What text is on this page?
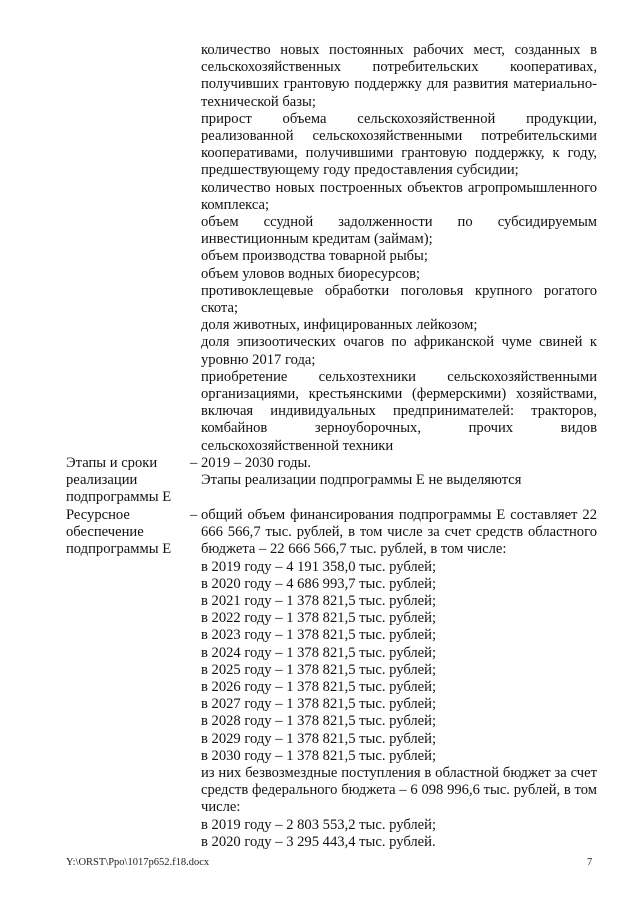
количество новых постоянных рабочих мест, созданных в сельскохозяйственных потребительских кооперативах, получивших грантовую поддержку для развития материально-технической базы;

прирост объема сельскохозяйственной продукции, реализованной сельскохозяйственными потребительскими кооперативами, получившими грантовую поддержку, к году, предшествующему году предоставления субсидии;

количество новых построенных объектов агропромышленного комплекса;

объем ссудной задолженности по субсидируемым инвестиционным кредитам (займам);

объем производства товарной рыбы;

объем уловов водных биоресурсов;

противоклещевые обработки поголовья крупного рогатого скота;

доля животных, инфицированных лейкозом;

доля эпизоотических очагов по африканской чуме свиней к уровню 2017 года;

приобретение сельхозтехники сельскохозяйственными организациями, крестьянскими (фермерскими) хозяйствами, включая индивидуальных предпринимателей: тракторов, комбайнов зерноуборочных, прочих видов сельскохозяйственной техники

Этапы и сроки
реализации
подпрограммы Е
– 2019 – 2030 годы.

Этапы реализации подпрограммы Е не выделяются

Ресурсное
обеспечение
подпрограммы Е
– общий объем финансирования подпрограммы Е составляет 22 666 566,7 тыс. рублей, в том числе за счет средств областного бюджета – 22 666 566,7 тыс. рублей, в том числе:

в 2019 году – 4 191 358,0 тыс. рублей;

в 2020 году – 4 686 993,7 тыс. рублей;

в 2021 году – 1 378 821,5 тыс. рублей;

в 2022 году – 1 378 821,5 тыс. рублей;

в 2023 году – 1 378 821,5 тыс. рублей;

в 2024 году – 1 378 821,5 тыс. рублей;

в 2025 году – 1 378 821,5 тыс. рублей;

в 2026 году – 1 378 821,5 тыс. рублей;

в 2027 году – 1 378 821,5 тыс. рублей;

в 2028 году – 1 378 821,5 тыс. рублей;

в 2029 году – 1 378 821,5 тыс. рублей;

в 2030 году – 1 378 821,5 тыс. рублей;

из них безвозмездные поступления в областной бюджет за счет средств федерального бюджета – 6 098 996,6 тыс. рублей, в том числе:

в 2019 году – 2 803 553,2 тыс. рублей;

в 2020 году – 3 295 443,4 тыс. рублей.

Y:\ORST\Ppo\1017p652.f18.docx	7
